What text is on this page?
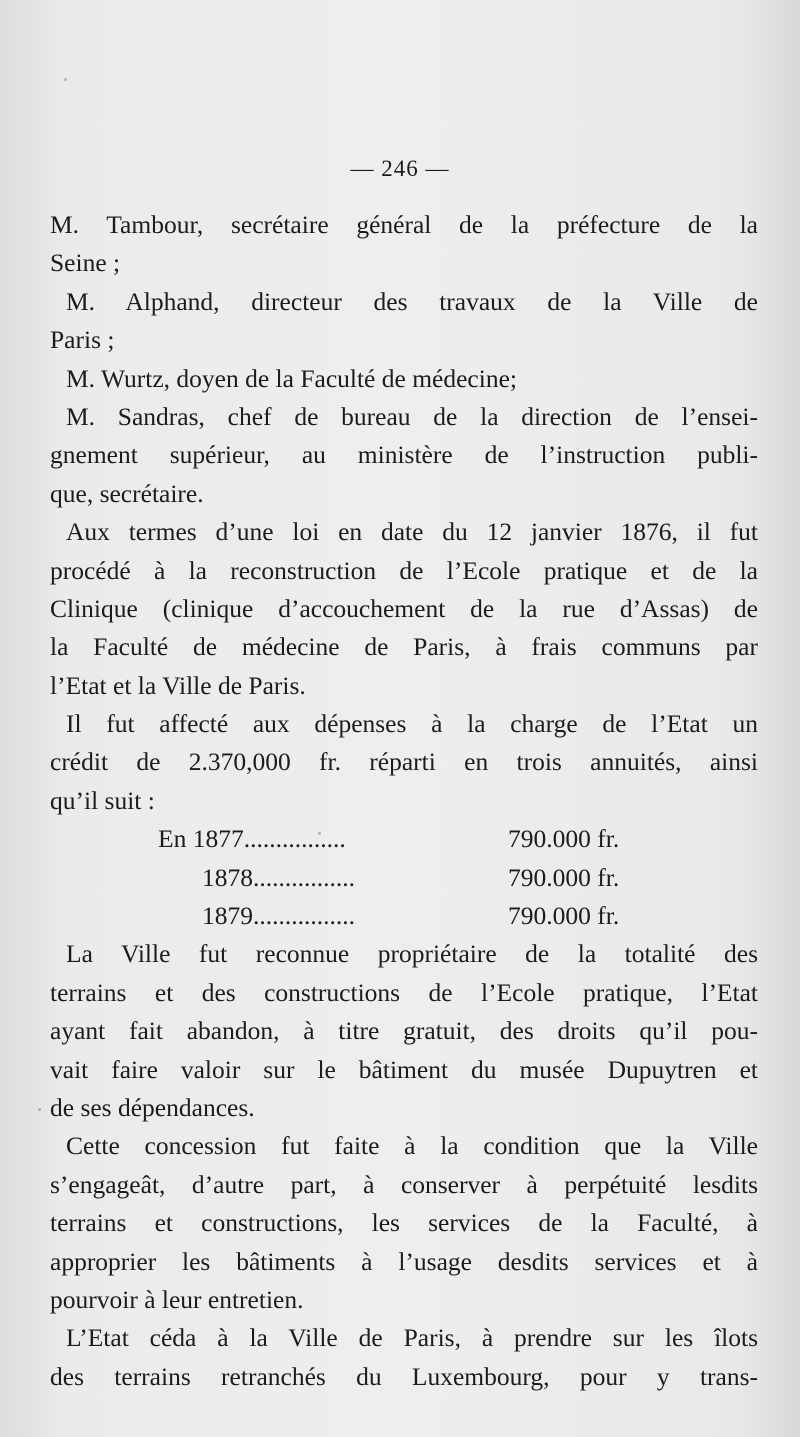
— 246 —
M. Tambour, secrétaire général de la préfecture de la
Seine ;
M. Alphand, directeur des travaux de la Ville de
Paris ;
M. Wurtz, doyen de la Faculté de médecine;
M. Sandras, chef de bureau de la direction de l’ensei-
gnement supérieur, au ministère de l’instruction publi-
que, secrétaire.
Aux termes d’une loi en date du 12 janvier 1876, il fut
procédé à la reconstruction de l’Ecole pratique et de la
Clinique (clinique d’accouchement de la rue d’Assas) de
la Faculté de médecine de Paris, à frais communs par
l’Etat et la Ville de Paris.
Il fut affecté aux dépenses à la charge de l’Etat un
crédit de 2.370,000 fr. réparti en trois annuités, ainsi
qu’il suit :
En 1877................	790.000 fr.
1878................	790.000 fr.
1879................	790.000 fr.
La Ville fut reconnue propriétaire de la totalité des
terrains et des constructions de l’Ecole pratique, l’Etat
ayant fait abandon, à titre gratuit, des droits qu’il pou-
vait faire valoir sur le bâtiment du musée Dupuytren et
de ses dépendances.
Cette concession fut faite à la condition que la Ville
s’engageât, d’autre part, à conserver à perpétuité lesdits
terrains et constructions, les services de la Faculté, à
approprier les bâtiments à l’usage desdits services et à
pourvoir à leur entretien.
L’Etat céda à la Ville de Paris, à prendre sur les îlots
des terrains retranchés du Luxembourg, pour y trans-
